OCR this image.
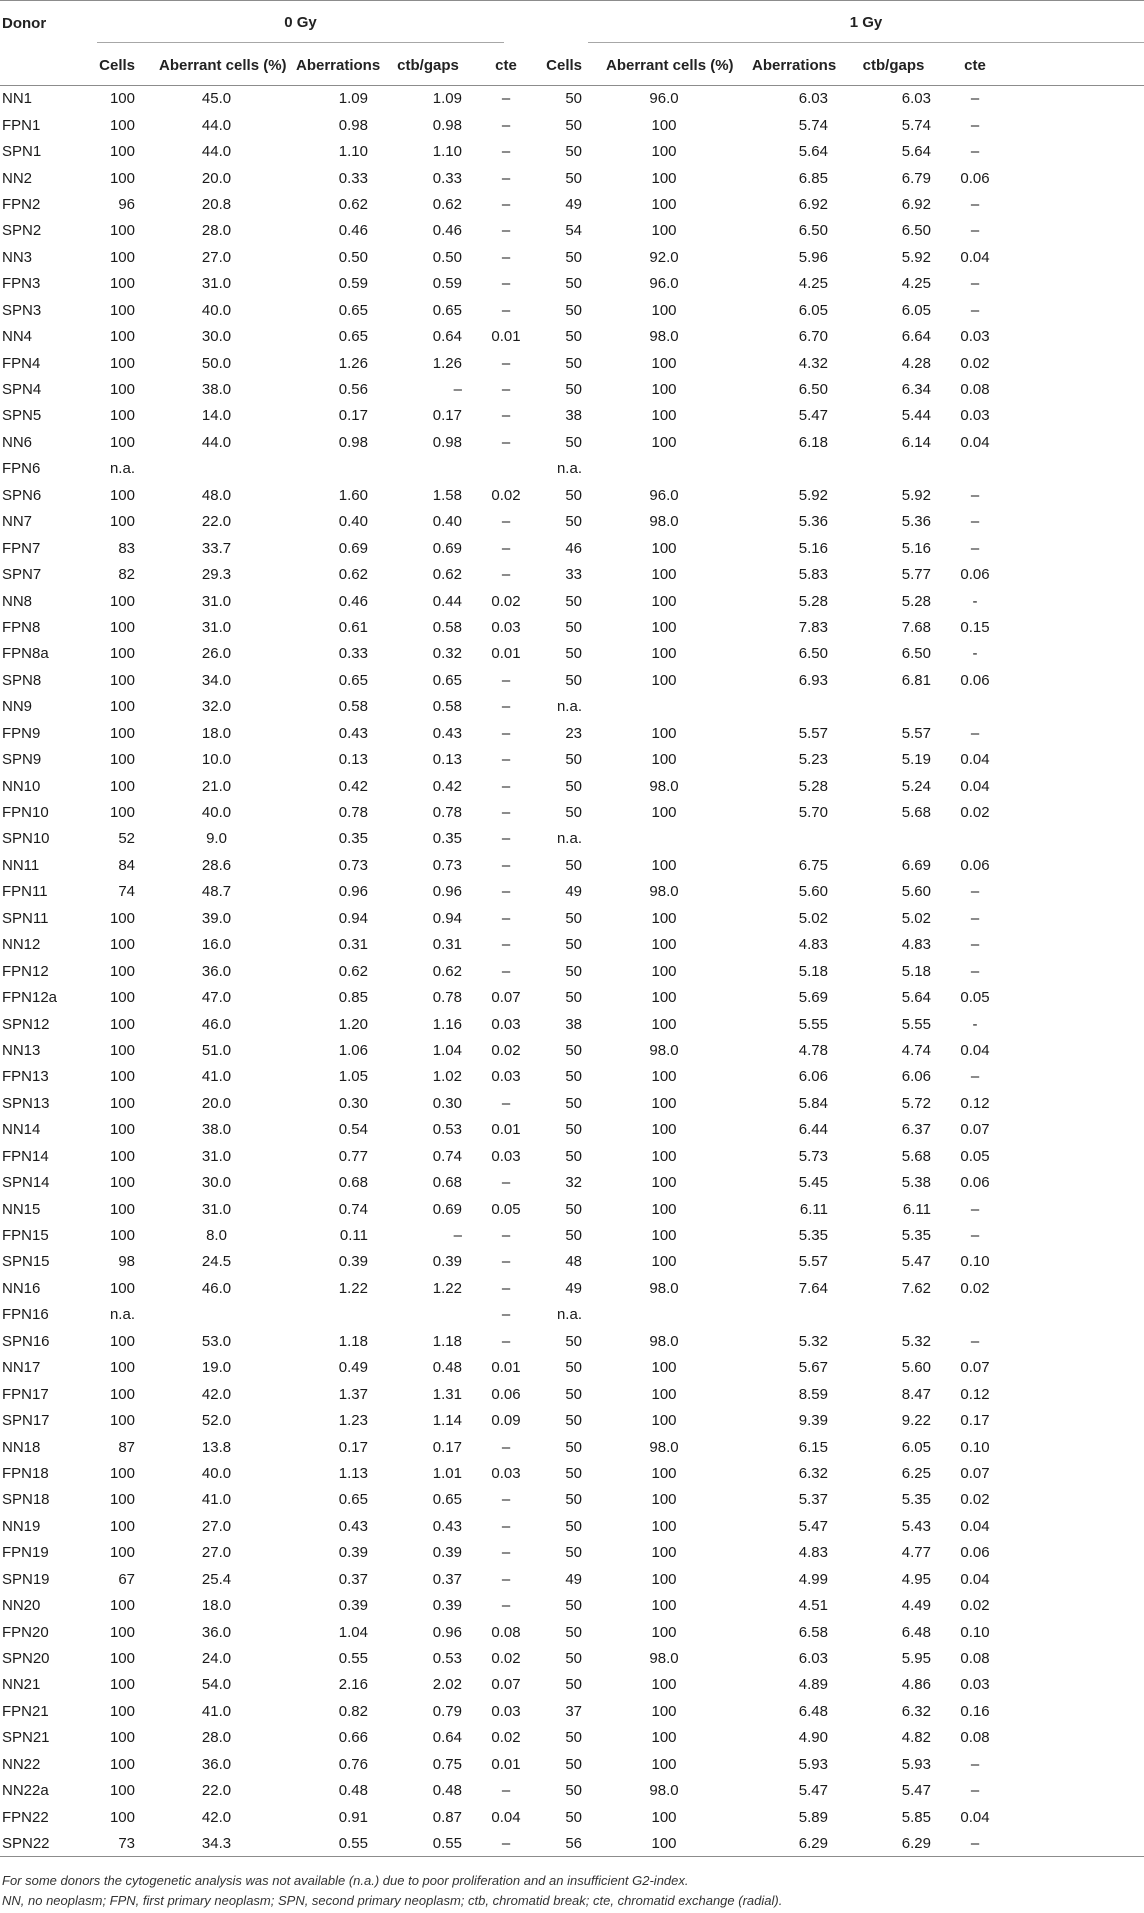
Donor	0 Gy						1 Gy				

	Cells	Aberrant cells (%)	Aberrations	ctb/gaps	cte	Cells	Aberrant cells (%)	Aberrations	ctb/gaps	cte	
NN1	100	45.0	1.09	1.09	–	50	96.0	6.03	6.03	–	
FPN1	100	44.0	0.98	0.98	–	50	100	5.74	5.74	–	
SPN1	100	44.0	1.10	1.10	–	50	100	5.64	5.64	–	
NN2	100	20.0	0.33	0.33	–	50	100	6.85	6.79	0.06	
FPN2	96	20.8	0.62	0.62	–	49	100	6.92	6.92	–	
SPN2	100	28.0	0.46	0.46	–	54	100	6.50	6.50	–	
NN3	100	27.0	0.50	0.50	–	50	92.0	5.96	5.92	0.04	
FPN3	100	31.0	0.59	0.59	–	50	96.0	4.25	4.25	–	
SPN3	100	40.0	0.65	0.65	–	50	100	6.05	6.05	–	
NN4	100	30.0	0.65	0.64	0.01	50	98.0	6.70	6.64	0.03	
FPN4	100	50.0	1.26	1.26	–	50	100	4.32	4.28	0.02	
SPN4	100	38.0	0.56	–	–	50	100	6.50	6.34	0.08	
SPN5	100	14.0	0.17	0.17	–	38	100	5.47	5.44	0.03	
NN6	100	44.0	0.98	0.98	–	50	100	6.18	6.14	0.04	
FPN6	n.a.					n.a.					
SPN6	100	48.0	1.60	1.58	0.02	50	96.0	5.92	5.92	–	
NN7	100	22.0	0.40	0.40	–	50	98.0	5.36	5.36	–	
FPN7	83	33.7	0.69	0.69	–	46	100	5.16	5.16	–	
SPN7	82	29.3	0.62	0.62	–	33	100	5.83	5.77	0.06	
NN8	100	31.0	0.46	0.44	0.02	50	100	5.28	5.28	-	
FPN8	100	31.0	0.61	0.58	0.03	50	100	7.83	7.68	0.15	
FPN8a	100	26.0	0.33	0.32	0.01	50	100	6.50	6.50	-	
SPN8	100	34.0	0.65	0.65	–	50	100	6.93	6.81	0.06	
NN9	100	32.0	0.58	0.58	–	n.a.					
FPN9	100	18.0	0.43	0.43	–	23	100	5.57	5.57	–	
SPN9	100	10.0	0.13	0.13	–	50	100	5.23	5.19	0.04	
NN10	100	21.0	0.42	0.42	–	50	98.0	5.28	5.24	0.04	
FPN10	100	40.0	0.78	0.78	–	50	100	5.70	5.68	0.02	
SPN10	52	9.0	0.35	0.35	–	n.a.					
NN11	84	28.6	0.73	0.73	–	50	100	6.75	6.69	0.06	
FPN11	74	48.7	0.96	0.96	–	49	98.0	5.60	5.60	–	
SPN11	100	39.0	0.94	0.94	–	50	100	5.02	5.02	–	
NN12	100	16.0	0.31	0.31	–	50	100	4.83	4.83	–	
FPN12	100	36.0	0.62	0.62	–	50	100	5.18	5.18	–	
FPN12a	100	47.0	0.85	0.78	0.07	50	100	5.69	5.64	0.05	
SPN12	100	46.0	1.20	1.16	0.03	38	100	5.55	5.55	-	
NN13	100	51.0	1.06	1.04	0.02	50	98.0	4.78	4.74	0.04	
FPN13	100	41.0	1.05	1.02	0.03	50	100	6.06	6.06	–	
SPN13	100	20.0	0.30	0.30	–	50	100	5.84	5.72	0.12	
NN14	100	38.0	0.54	0.53	0.01	50	100	6.44	6.37	0.07	
FPN14	100	31.0	0.77	0.74	0.03	50	100	5.73	5.68	0.05	
SPN14	100	30.0	0.68	0.68	–	32	100	5.45	5.38	0.06	
NN15	100	31.0	0.74	0.69	0.05	50	100	6.11	6.11	–	
FPN15	100	8.0	0.11	–	–	50	100	5.35	5.35	–	
SPN15	98	24.5	0.39	0.39	–	48	100	5.57	5.47	0.10	
NN16	100	46.0	1.22	1.22	–	49	98.0	7.64	7.62	0.02	
FPN16	n.a.				–	n.a.					
SPN16	100	53.0	1.18	1.18	–	50	98.0	5.32	5.32	–	
NN17	100	19.0	0.49	0.48	0.01	50	100	5.67	5.60	0.07	
FPN17	100	42.0	1.37	1.31	0.06	50	100	8.59	8.47	0.12	
SPN17	100	52.0	1.23	1.14	0.09	50	100	9.39	9.22	0.17	
NN18	87	13.8	0.17	0.17	–	50	98.0	6.15	6.05	0.10	
FPN18	100	40.0	1.13	1.01	0.03	50	100	6.32	6.25	0.07	
SPN18	100	41.0	0.65	0.65	–	50	100	5.37	5.35	0.02	
NN19	100	27.0	0.43	0.43	–	50	100	5.47	5.43	0.04	
FPN19	100	27.0	0.39	0.39	–	50	100	4.83	4.77	0.06	
SPN19	67	25.4	0.37	0.37	–	49	100	4.99	4.95	0.04	
NN20	100	18.0	0.39	0.39	–	50	100	4.51	4.49	0.02	
FPN20	100	36.0	1.04	0.96	0.08	50	100	6.58	6.48	0.10	
SPN20	100	24.0	0.55	0.53	0.02	50	98.0	6.03	5.95	0.08	
NN21	100	54.0	2.16	2.02	0.07	50	100	4.89	4.86	0.03	
FPN21	100	41.0	0.82	0.79	0.03	37	100	6.48	6.32	0.16	
SPN21	100	28.0	0.66	0.64	0.02	50	100	4.90	4.82	0.08	
NN22	100	36.0	0.76	0.75	0.01	50	100	5.93	5.93	–	
NN22a	100	22.0	0.48	0.48	–	50	98.0	5.47	5.47	–	
FPN22	100	42.0	0.91	0.87	0.04	50	100	5.89	5.85	0.04	
SPN22	73	34.3	0.55	0.55	–	56	100	6.29	6.29	–	
For some donors the cytogenetic analysis was not available (n.a.) due to poor proliferation and an insufficient G2-index.
NN, no neoplasm; FPN, first primary neoplasm; SPN, second primary neoplasm; ctb, chromatid break; cte, chromatid exchange (radial).
